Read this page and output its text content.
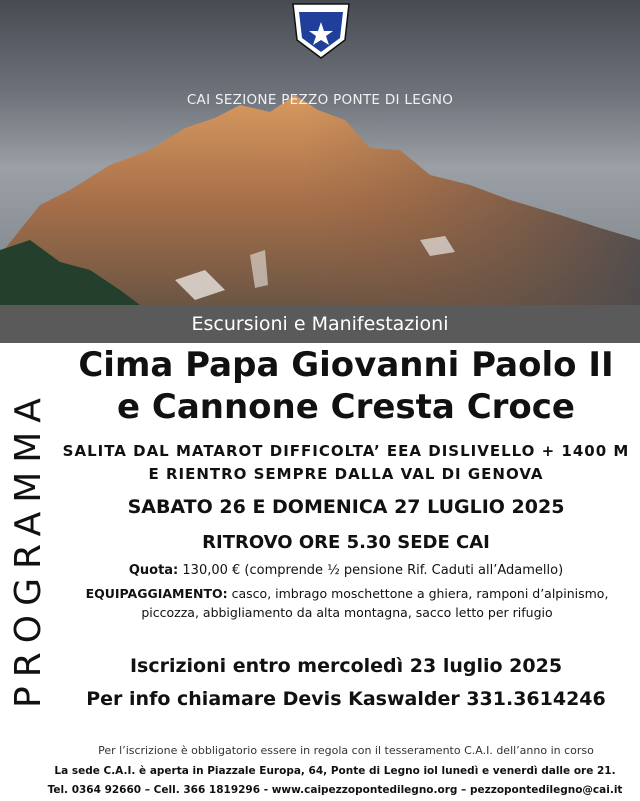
CAI SEZIONE PEZZO PONTE DI LEGNO
Escursioni e Manifestazioni
PROGRAMMA
Cima Papa Giovanni Paolo II
e Cannone Cresta Croce
SALITA DAL MATAROT DIFFICOLTA’ EEA DISLIVELLO + 1400 M
E RIENTRO SEMPRE DALLA VAL DI GENOVA
SABATO 26 E DOMENICA 27 LUGLIO 2025
RITROVO ORE 5.30 SEDE CAI
Quota: 130,00 € (comprende ½ pensione Rif. Caduti all’Adamello)
EQUIPAGGIAMENTO: casco, imbrago moschettone a ghiera, ramponi d’alpinismo, piccozza, abbigliamento da alta montagna, sacco letto per rifugio
Iscrizioni entro mercoledì 23 luglio 2025
Per info chiamare Devis Kaswalder 331.3614246
Per l’iscrizione è obbligatorio essere in regola con il tesseramento C.A.I. dell’anno in corso
La sede C.A.I. è aperta in Piazzale Europa, 64, Ponte di Legno iol lunedì e venerdì dalle ore 21.
Tel. 0364 92660 – Cell. 366 1819296 - www.caipezzopontedilegno.org – pezzopontedilegno@cai.it
